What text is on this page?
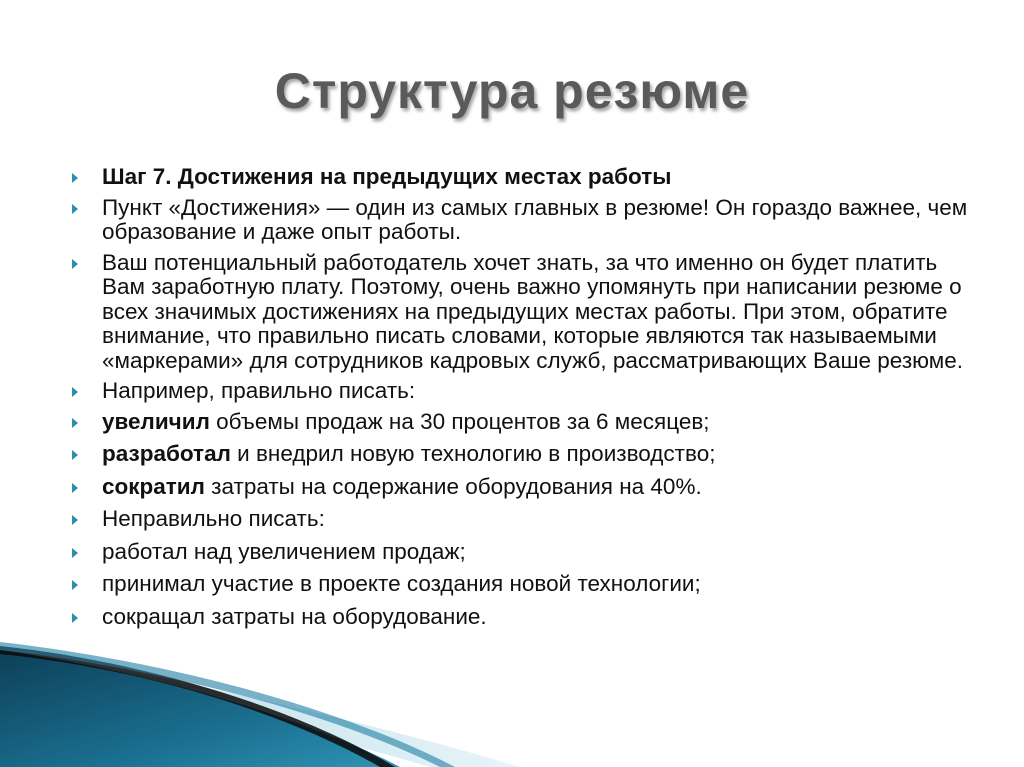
Структура резюме
Шаг 7. Достижения на предыдущих местах работы
Пункт «Достижения» — один из самых главных в резюме! Он гораздо важнее, чем образование и даже опыт работы.
Ваш потенциальный работодатель хочет знать, за что именно он будет платить Вам заработную плату. Поэтому, очень важно упомянуть при написании резюме о всех значимых достижениях на предыдущих местах работы. При этом, обратите внимание, что правильно писать словами, которые являются так называемыми «маркерами» для сотрудников кадровых служб, рассматривающих Ваше резюме.
Например, правильно писать:
увеличил объемы продаж на 30 процентов за 6 месяцев;
разработал и внедрил новую технологию в производство;
сократил затраты на содержание оборудования на 40%.
Неправильно писать:
работал над увеличением продаж;
принимал участие в проекте создания новой технологии;
сокращал затраты на оборудование.
